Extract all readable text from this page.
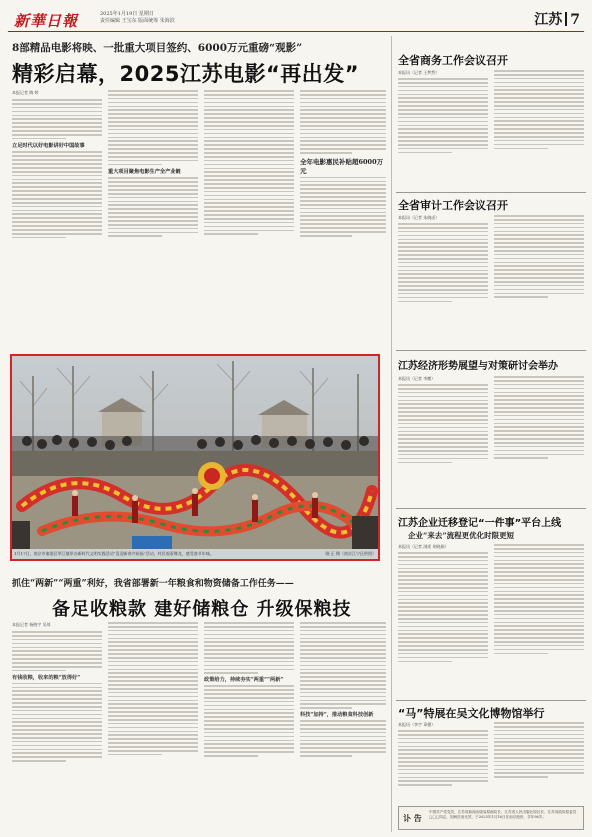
新華日報	2025年1月19日 星期日
责任编辑 王宝东 版面统筹 朱海滨	江苏 7
8部精品电影将映、一批重大项目签约、6000万元重磅“观影”
精彩启幕，2025江苏电影“再出发”
本报记者 陶 婷
立足时代以好电影讲好中国故事
重大项目聚焦电影生产全产业链
全年电影惠民补贴超6000万元
1月17日，南京市秦淮区华江镇举办新时代文明实践活动“喜迎新春共祝福”活动，村民观看舞龙，感受春节年味。	顾 正 摄（南京江宁区供图）
抓住“两新”“两重”利好，我省部署新一年粮食和物资储备工作任务——
备足收粮款 建好储粮仓 升级保粮技
本报记者 杨晓宇 吴琼
有钱收粮，收来的粮“放得好”	政策给力，持续夯实“两重”“两新”
科技“加持”，推动粮食科技创新
全省商务工作会议召开
本报讯（记者 王梦然）
全省审计工作会议召开
本报讯（记者 朱晓虎）
江苏经济形势展望与对策研讨会举办
本报讯（记者 李鹏）
江苏企业迁移登记“一件事”平台上线
企业“来去”流程更优化时限更短
本报讯（记者 浏延 胡晓娟）
“马”特展在吴文化博物馆举行
本报讯（李宇 章德）
讣 告
中国共产党党员、江苏省新闻出版局原副局长、江苏省人民出版社原社长、江苏省政协原委员□□□同志，因病医治无效，于2025年1月16日在南京逝世，享年96岁。
